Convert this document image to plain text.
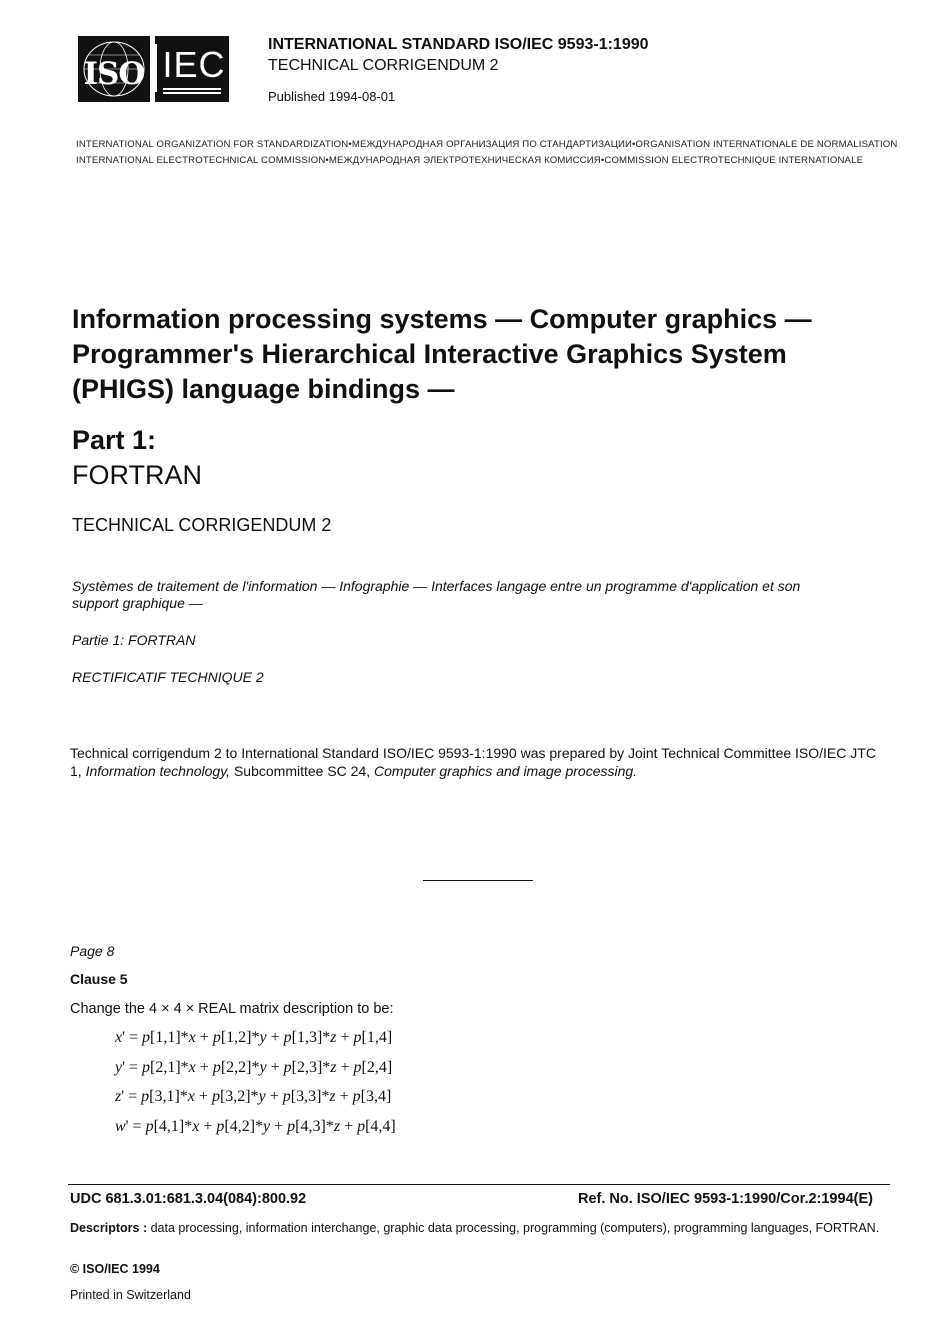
ISO IEC	INTERNATIONAL STANDARD ISO/IEC 9593-1:1990
TECHNICAL CORRIGENDUM 2
Published 1994-08-01
INTERNATIONAL ORGANIZATION FOR STANDARDIZATION•МЕЖДУНАРОДНАЯ ОРГАНИЗАЦИЯ ПО СТАНДАРТИЗАЦИИ•ORGANISATION INTERNATIONALE DE NORMALISATION
INTERNATIONAL ELECTROTECHNICAL COMMISSION•МЕЖДУНАРОДНАЯ ЭЛЕКТРОТЕХНИЧЕСКАЯ КОМИССИЯ•COMMISSION ELECTROTECHNIQUE INTERNATIONALE
Information processing systems — Computer graphics —
Programmer's Hierarchical Interactive Graphics System
(PHIGS) language bindings —
Part 1:
FORTRAN
TECHNICAL CORRIGENDUM 2
Systèmes de traitement de l'information — Infographie — Interfaces langage entre un programme d'application et son
support graphique —
Partie 1: FORTRAN
RECTIFICATIF TECHNIQUE 2
Technical corrigendum 2 to International Standard ISO/IEC 9593-1:1990 was prepared by Joint Technical Committee ISO/IEC JTC 1, Information technology, Subcommittee SC 24, Computer graphics and image processing.
Page 8
Clause 5
Change the 4 × 4 × REAL matrix description to be:
x' = p[1,1]*x + p[1,2]*y + p[1,3]*z + p[1,4]
y' = p[2,1]*x + p[2,2]*y + p[2,3]*z + p[2,4]
z' = p[3,1]*x + p[3,2]*y + p[3,3]*z + p[3,4]
w' = p[4,1]*x + p[4,2]*y + p[4,3]*z + p[4,4]
UDC 681.3.01:681.3.04(084):800.92	Ref. No. ISO/IEC 9593-1:1990/Cor.2:1994(E)
Descriptors : data processing, information interchange, graphic data processing, programming (computers), programming languages, FORTRAN.
© ISO/IEC 1994
Printed in Switzerland
